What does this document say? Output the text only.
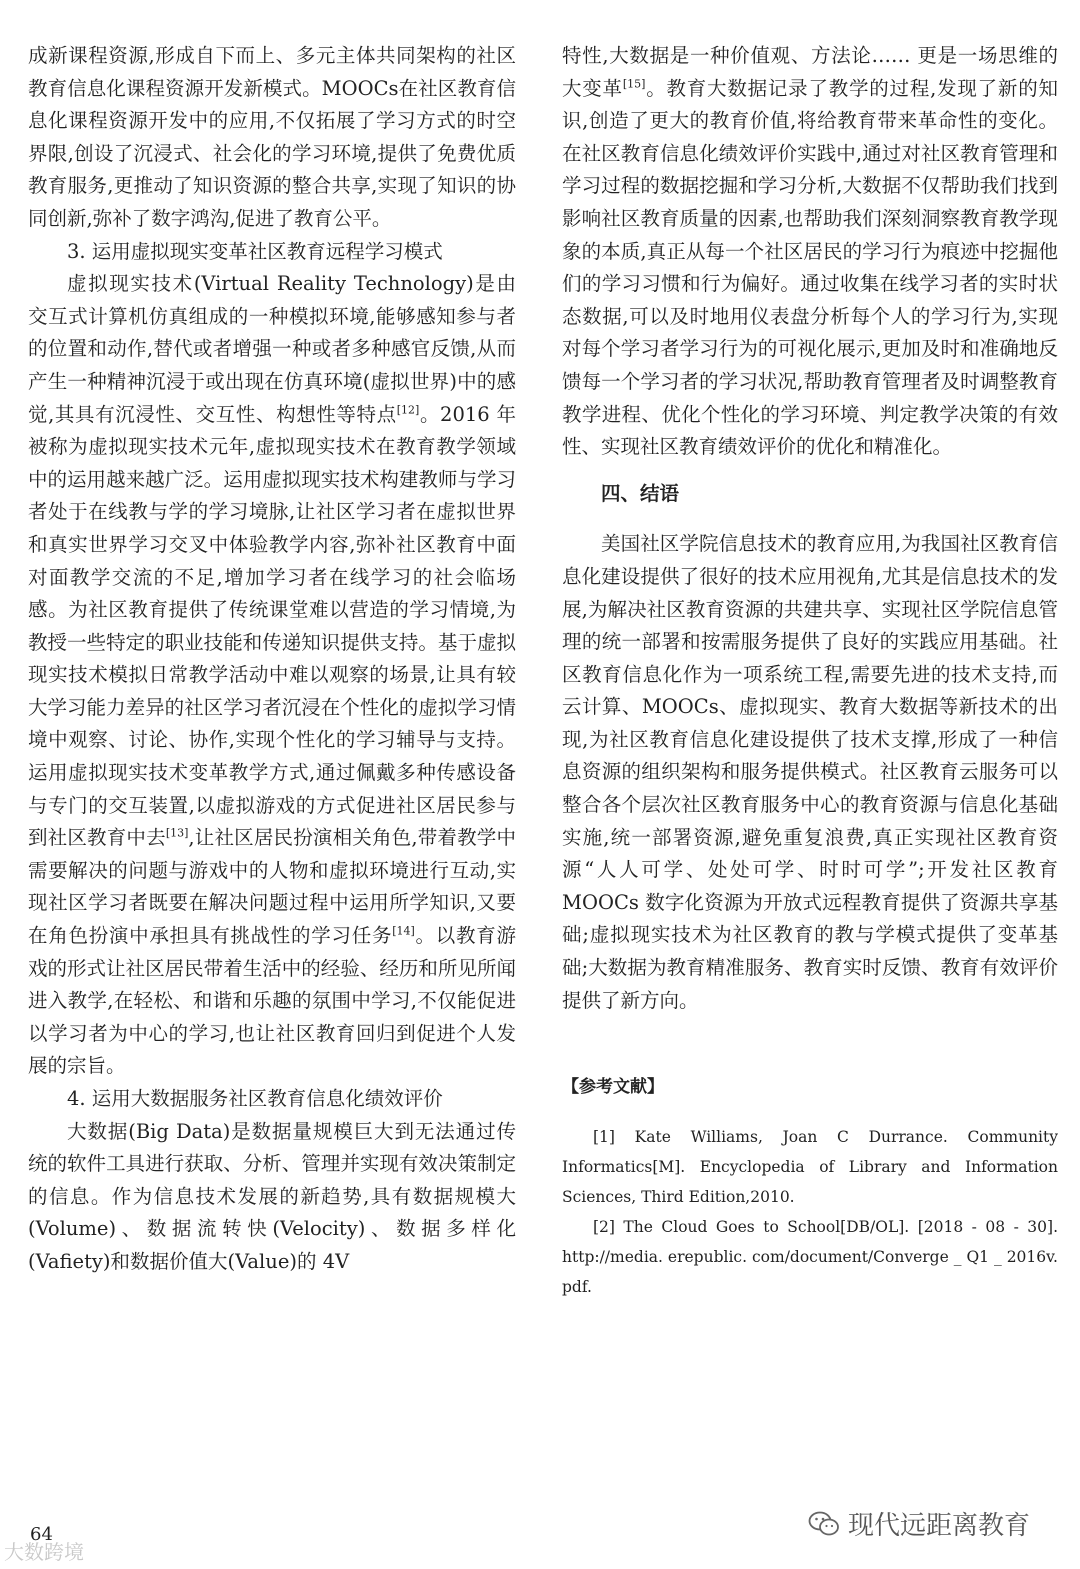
成新课程资源,形成自下而上、多元主体共同架构的社区教育信息化课程资源开发新模式。MOOCs在社区教育信息化课程资源开发中的应用,不仅拓展了学习方式的时空界限,创设了沉浸式、社会化的学习环境,提供了免费优质教育服务,更推动了知识资源的整合共享,实现了知识的协同创新,弥补了数字鸿沟,促进了教育公平。

3. 运用虚拟现实变革社区教育远程学习模式

虚拟现实技术(Virtual Reality Technology)是由交互式计算机仿真组成的一种模拟环境,能够感知参与者的位置和动作,替代或者增强一种或者多种感官反馈,从而产生一种精神沉浸于或出现在仿真环境(虚拟世界)中的感觉,其具有沉浸性、交互性、构想性等特点[12]。2016 年被称为虚拟现实技术元年,虚拟现实技术在教育教学领域中的运用越来越广泛。运用虚拟现实技术构建教师与学习者处于在线教与学的学习境脉,让社区学习者在虚拟世界和真实世界学习交叉中体验教学内容,弥补社区教育中面对面教学交流的不足,增加学习者在线学习的社会临场感。为社区教育提供了传统课堂难以营造的学习情境,为教授一些特定的职业技能和传递知识提供支持。基于虚拟现实技术模拟日常教学活动中难以观察的场景,让具有较大学习能力差异的社区学习者沉浸在个性化的虚拟学习情境中观察、讨论、协作,实现个性化的学习辅导与支持。运用虚拟现实技术变革教学方式,通过佩戴多种传感设备与专门的交互装置,以虚拟游戏的方式促进社区居民参与到社区教育中去[13],让社区居民扮演相关角色,带着教学中需要解决的问题与游戏中的人物和虚拟环境进行互动,实现社区学习者既要在解决问题过程中运用所学知识,又要在角色扮演中承担具有挑战性的学习任务[14]。以教育游戏的形式让社区居民带着生活中的经验、经历和所见所闻进入教学,在轻松、和谐和乐趣的氛围中学习,不仅能促进以学习者为中心的学习,也让社区教育回归到促进个人发展的宗旨。

4. 运用大数据服务社区教育信息化绩效评价

大数据(Big Data)是数据量规模巨大到无法通过传统的软件工具进行获取、分析、管理并实现有效决策制定的信息。作为信息技术发展的新趋势,具有数据规模大(Volume)、数据流转快(Velocity)、数据多样化(Vafiety)和数据价值大(Value)的 4V

特性,大数据是一种价值观、方法论…… 更是一场思维的大变革[15]。教育大数据记录了教学的过程,发现了新的知识,创造了更大的教育价值,将给教育带来革命性的变化。在社区教育信息化绩效评价实践中,通过对社区教育管理和学习过程的数据挖掘和学习分析,大数据不仅帮助我们找到影响社区教育质量的因素,也帮助我们深刻洞察教育教学现象的本质,真正从每一个社区居民的学习行为痕迹中挖掘他们的学习习惯和行为偏好。通过收集在线学习者的实时状态数据,可以及时地用仪表盘分析每个人的学习行为,实现对每个学习者学习行为的可视化展示,更加及时和准确地反馈每一个学习者的学习状况,帮助教育管理者及时调整教育教学进程、优化个性化的学习环境、判定教学决策的有效性、实现社区教育绩效评价的优化和精准化。

四、结语

美国社区学院信息技术的教育应用,为我国社区教育信息化建设提供了很好的技术应用视角,尤其是信息技术的发展,为解决社区教育资源的共建共享、实现社区学院信息管理的统一部署和按需服务提供了良好的实践应用基础。社区教育信息化作为一项系统工程,需要先进的技术支持,而云计算、MOOCs、虚拟现实、教育大数据等新技术的出现,为社区教育信息化建设提供了技术支撑,形成了一种信息资源的组织架构和服务提供模式。社区教育云服务可以整合各个层次社区教育服务中心的教育资源与信息化基础实施,统一部署资源,避免重复浪费,真正实现社区教育资源“人人可学、处处可学、时时可学”;开发社区教育 MOOCs 数字化资源为开放式远程教育提供了资源共享基础;虚拟现实技术为社区教育的教与学模式提供了变革基础;大数据为教育精准服务、教育实时反馈、教育有效评价提供了新方向。

【参考文献】

[1] Kate Williams, Joan C Durrance. Community Informatics[M]. Encyclopedia of Library and Information Sciences, Third Edition,2010.

[2] The Cloud Goes to School[DB/OL]. [2018 - 08 - 30]. http://media. erepublic. com/document/Converge _ Q1 _ 2016v. pdf.

64
大数跨境
现代远距离教育
